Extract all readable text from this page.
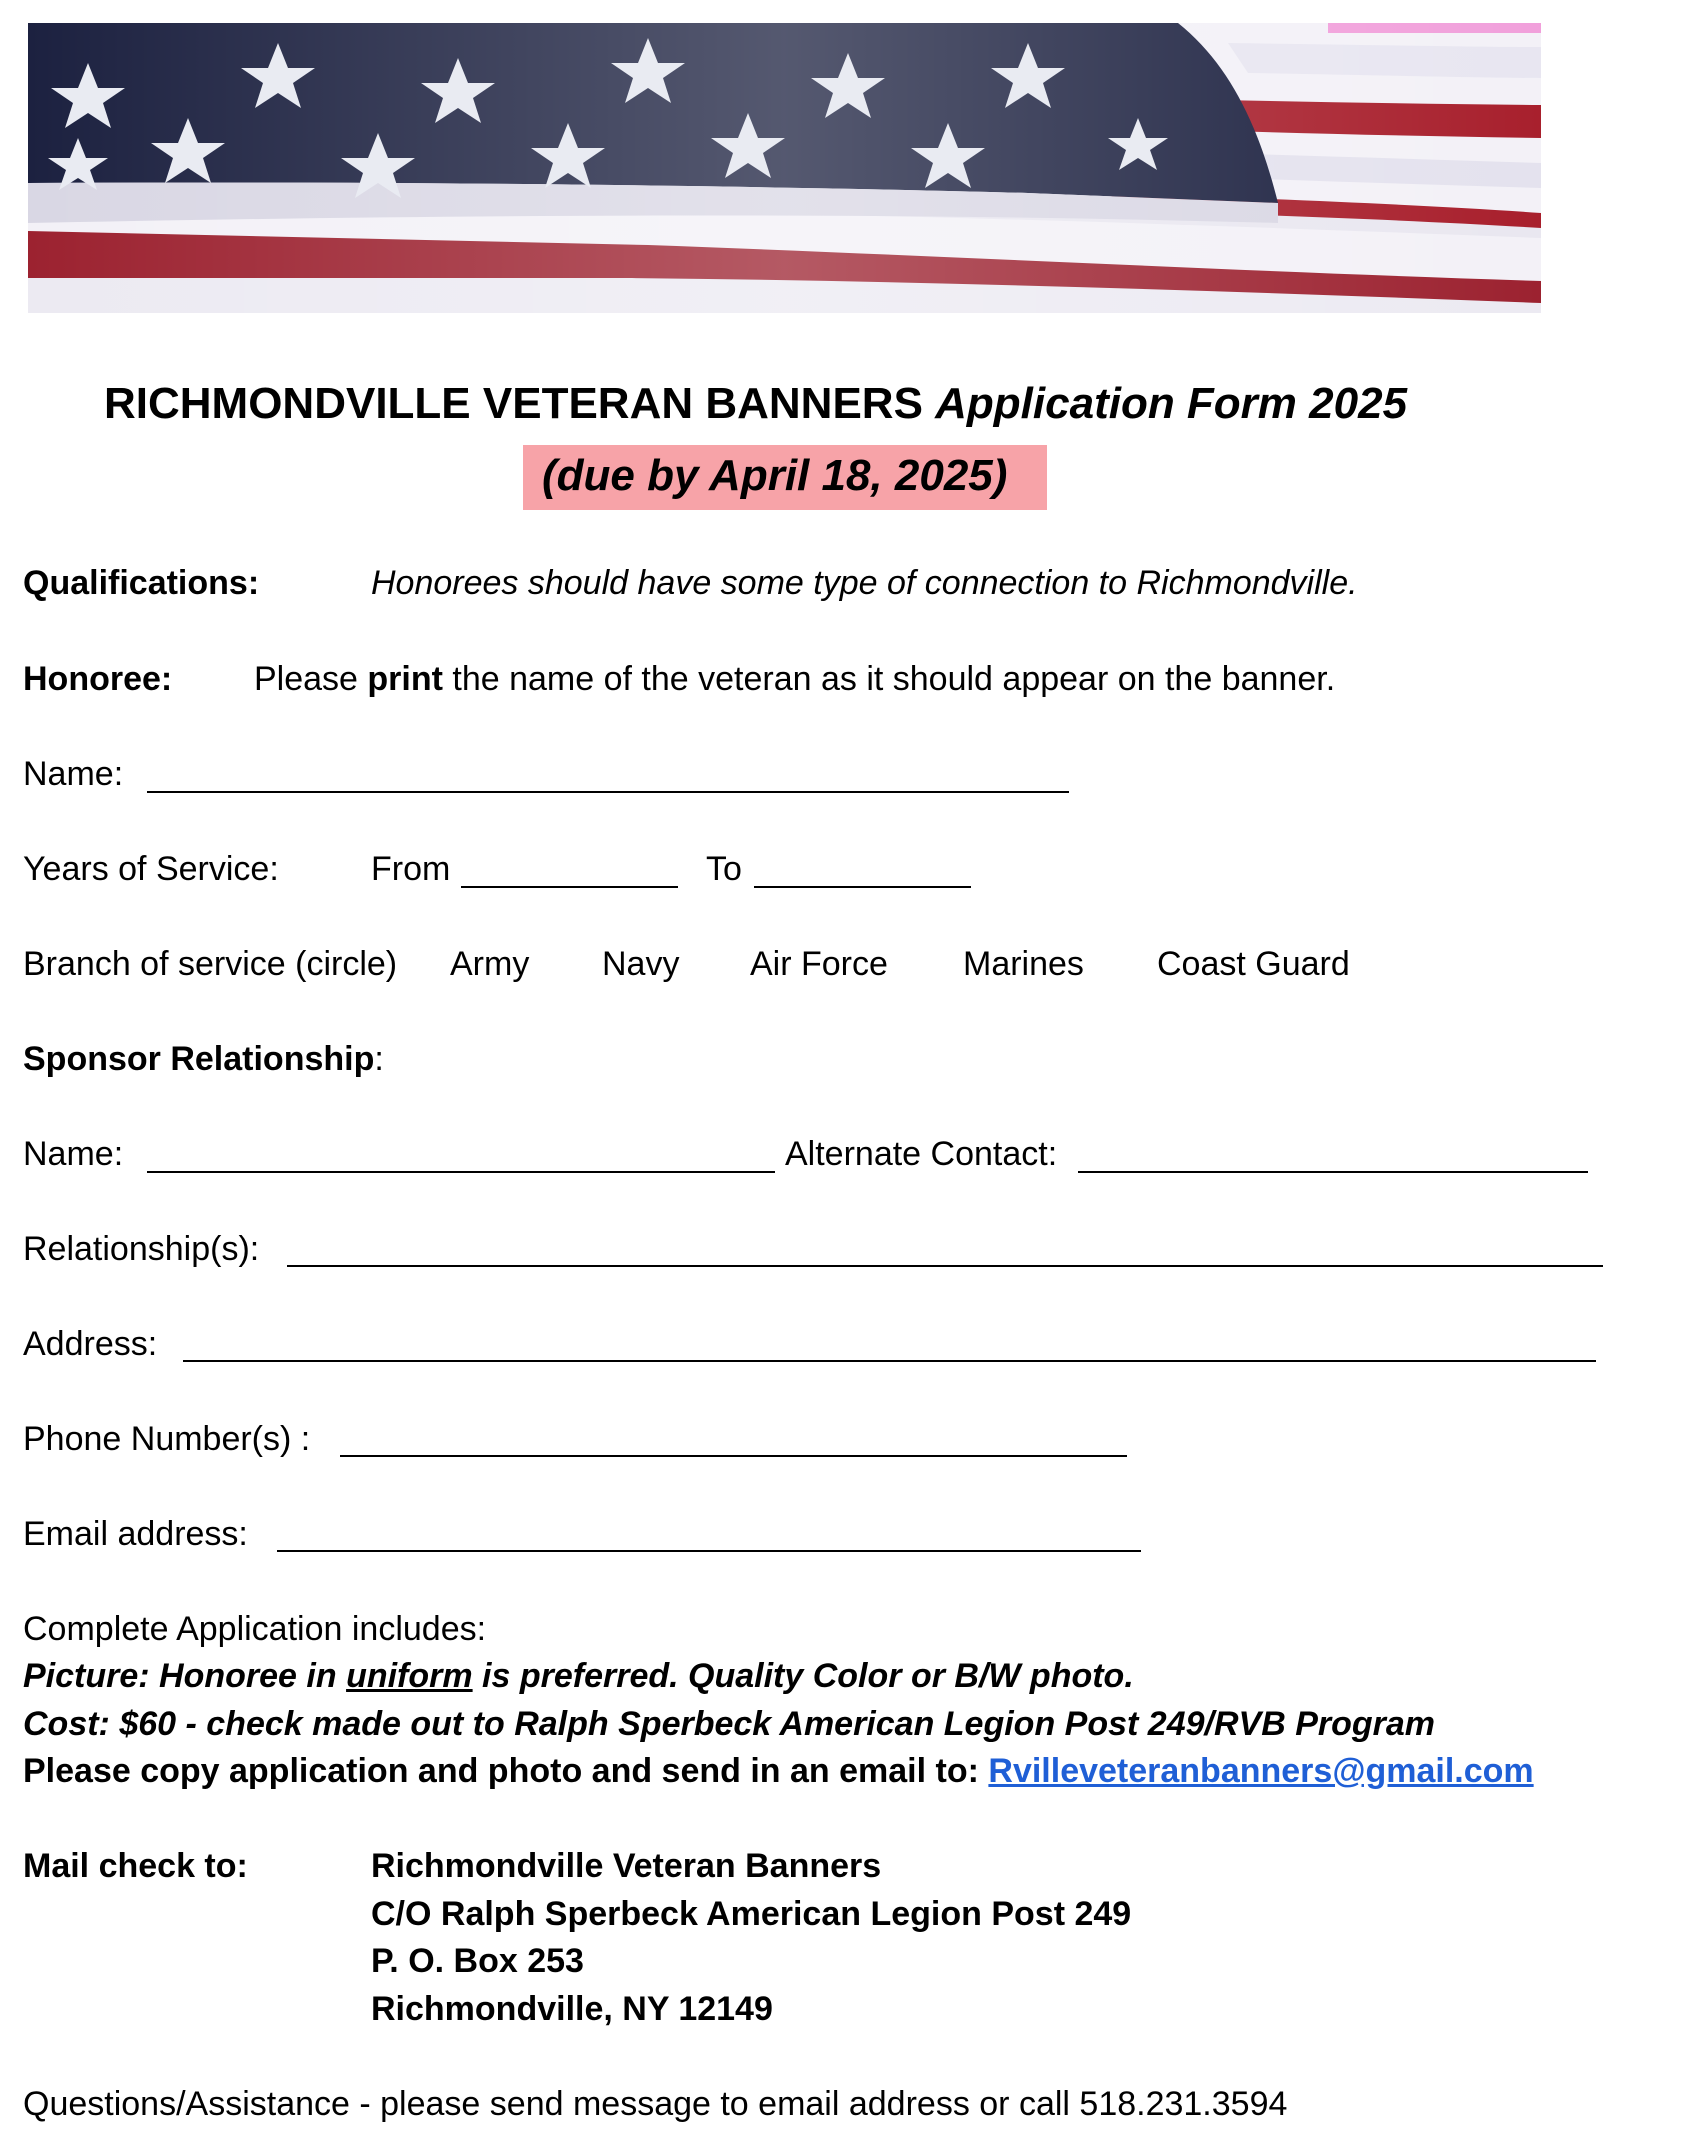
RICHMONDVILLE VETERAN BANNERS Application Form 2025
(due by April 18, 2025)
Qualifications:	Honorees should have some type of connection to Richmondville.
Honoree: Please print the name of the veteran as it should appear on the banner.
Name:
Years of Service:	From	To
Branch of service (circle) Army Navy Air Force Marines Coast Guard
Sponsor Relationship:
Name:	Alternate Contact:
Relationship(s):
Address:
Phone Number(s) :
Email address:
Complete Application includes:
Picture: Honoree in uniform is preferred. Quality Color or B/W photo.
Cost: $60 - check made out to Ralph Sperbeck American Legion Post 249/RVB Program
Please copy application and photo and send in an email to: Rvilleveteranbanners@gmail.com
Mail check to:	Richmondville Veteran Banners
C/O Ralph Sperbeck American Legion Post 249
P. O. Box 253
Richmondville, NY 12149
Questions/Assistance - please send message to email address or call 518.231.3594
